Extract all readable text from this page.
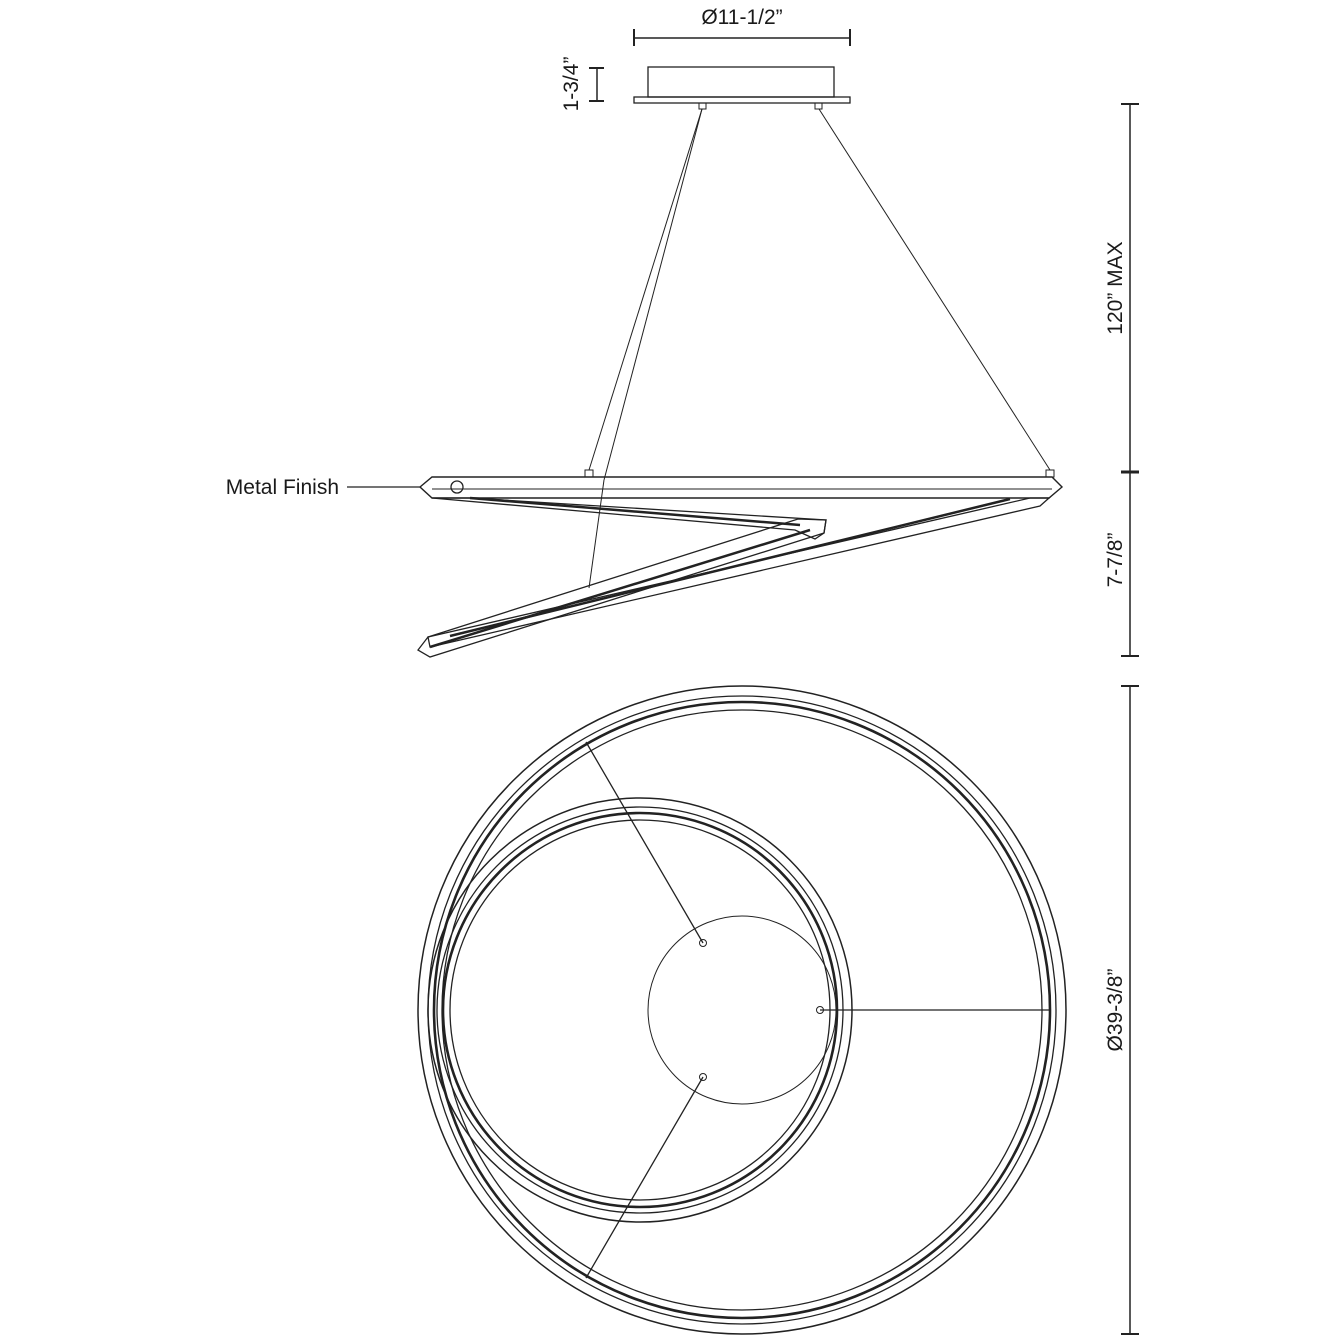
Ø11-1/2”
1-3/4”
Metal Finish
120” MAX
7-7/8”
Ø39-3/8”
